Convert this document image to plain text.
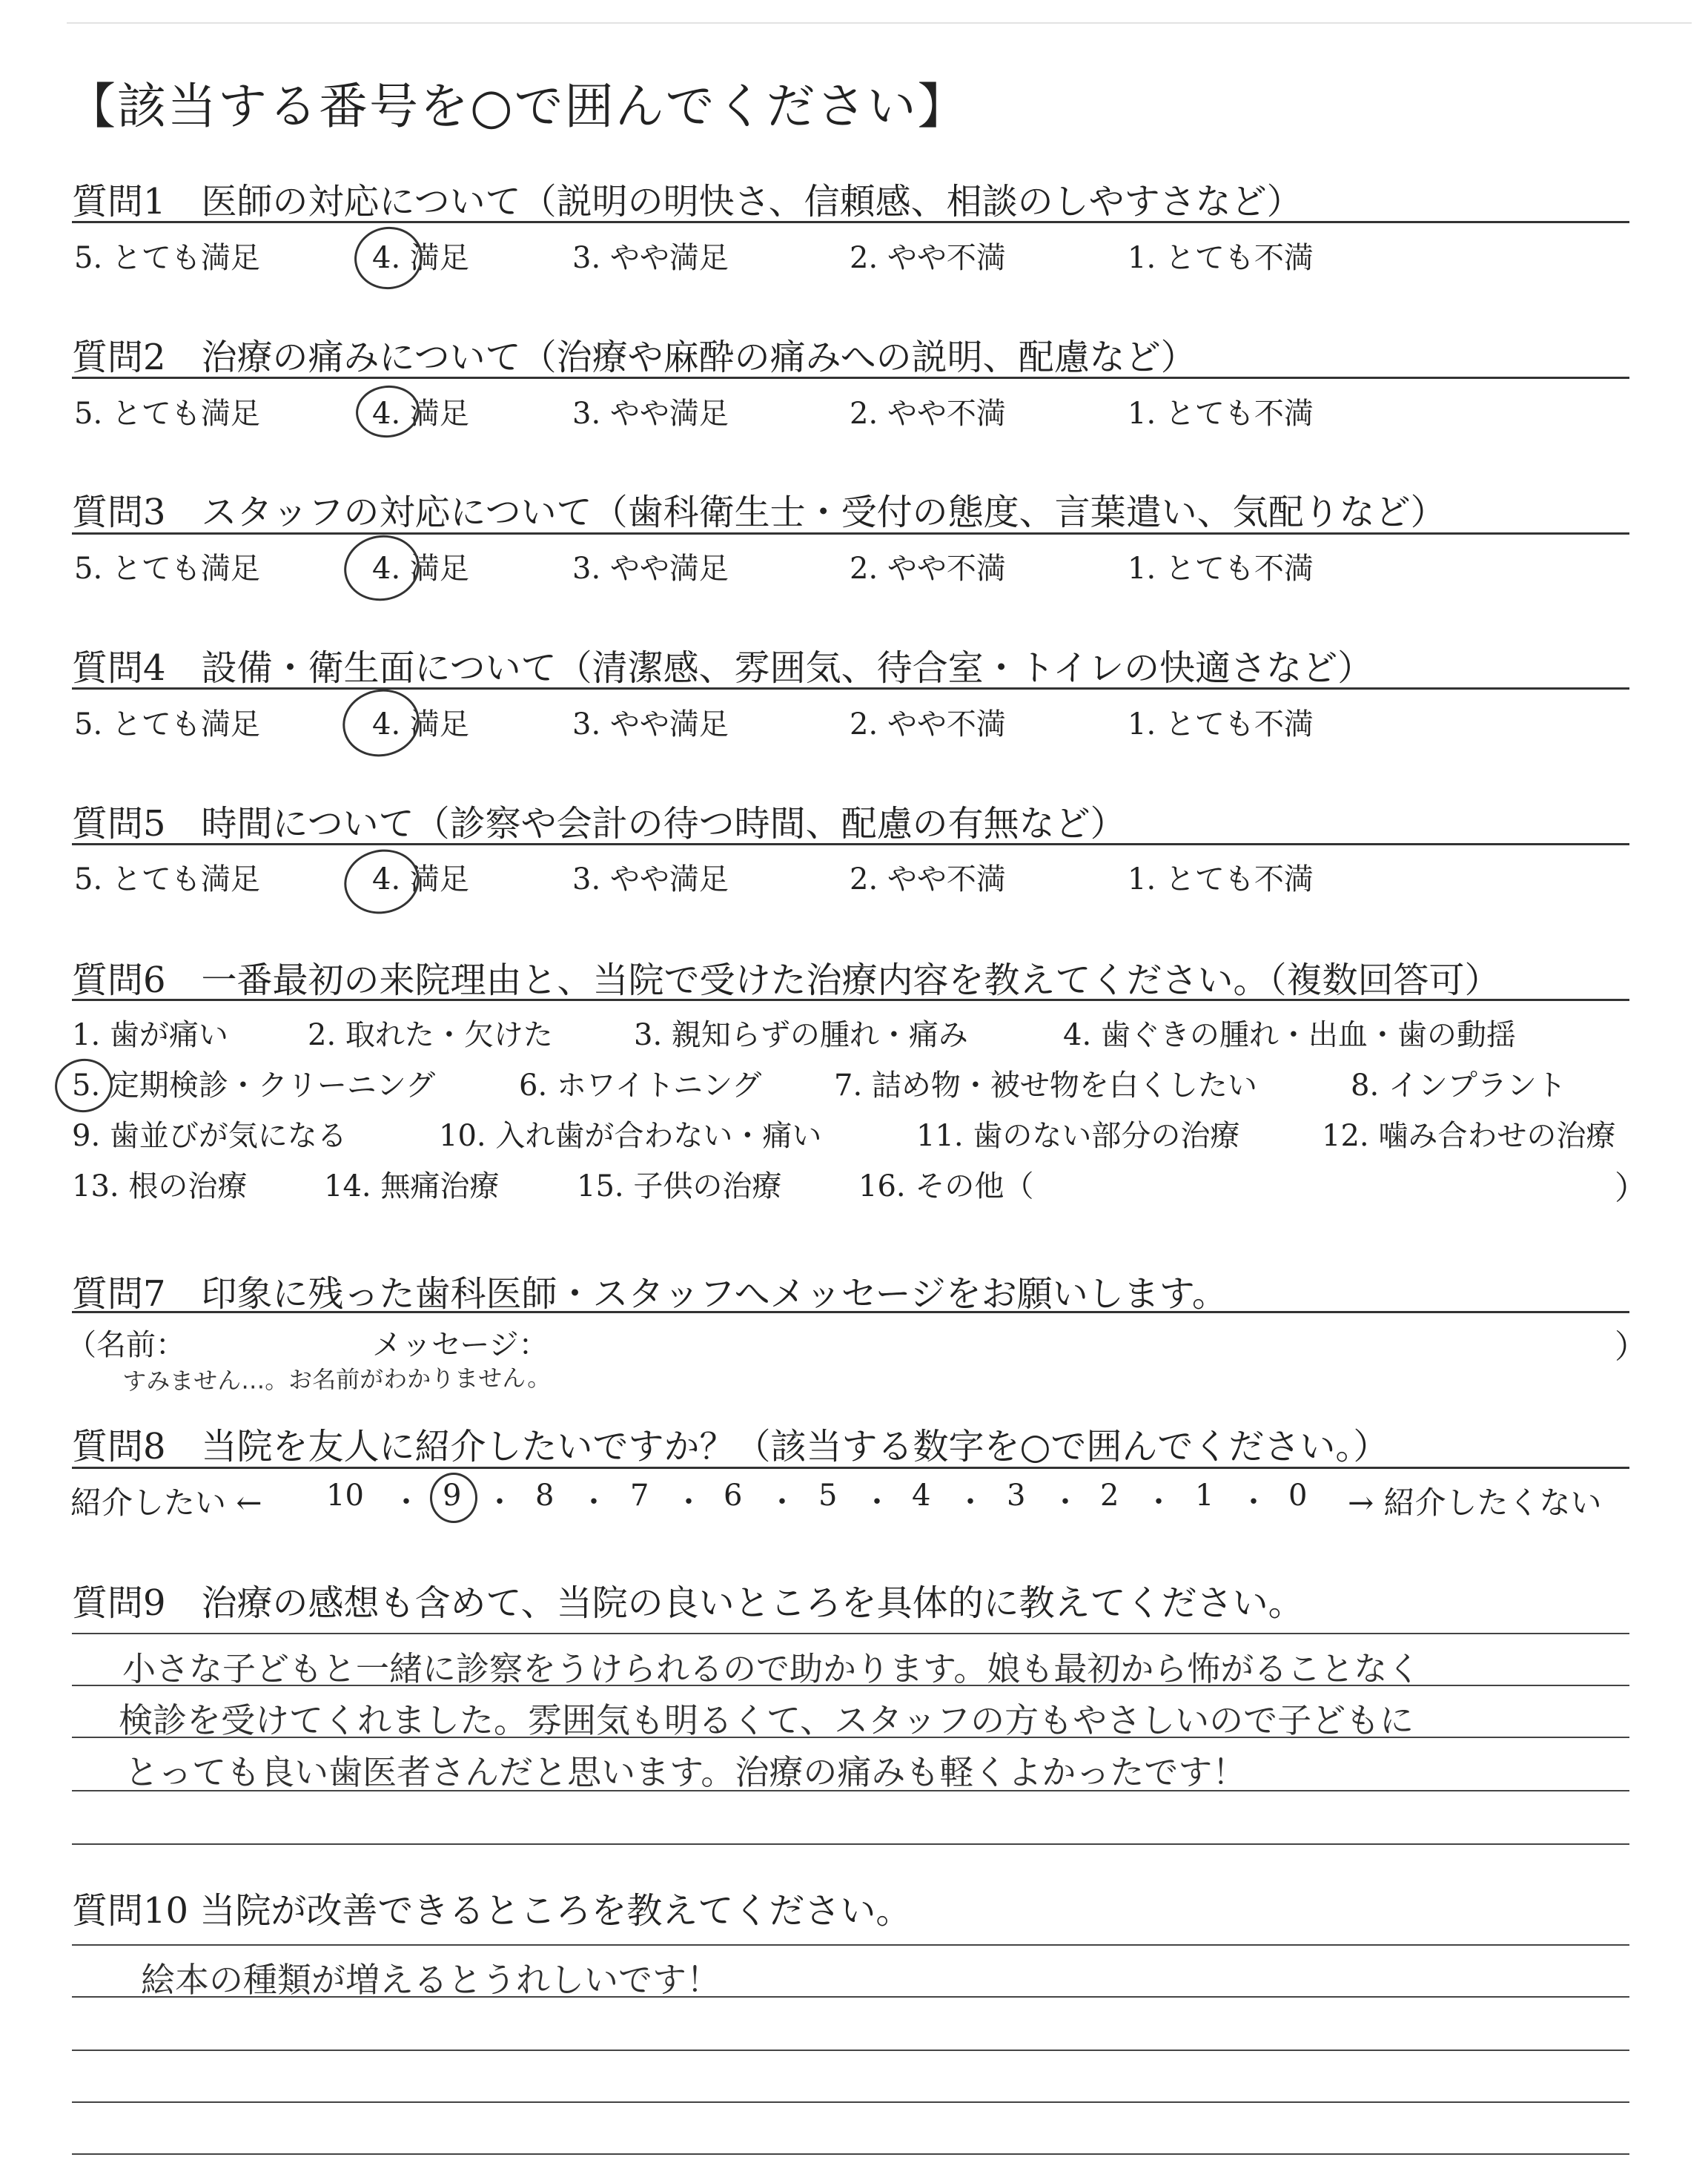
【該当する番号を○で囲んでください】
質問1　医師の対応について（説明の明快さ、信頼感、相談のしやすさなど）
5. とても満足	4. 満足	3. やや満足	2. やや不満	1. とても不満
質問2　治療の痛みについて（治療や麻酔の痛みへの説明、配慮など）
5. とても満足	4. 満足	3. やや満足	2. やや不満	1. とても不満
質問3　スタッフの対応について（歯科衛生士・受付の態度、言葉遣い、気配りなど）
5. とても満足	4. 満足	3. やや満足	2. やや不満	1. とても不満
質問4　設備・衛生面について（清潔感、雰囲気、待合室・トイレの快適さなど）
5. とても満足	4. 満足	3. やや満足	2. やや不満	1. とても不満
質問5　時間について（診察や会計の待つ時間、配慮の有無など）
5. とても満足	4. 満足	3. やや満足	2. やや不満	1. とても不満
質問6　一番最初の来院理由と、当院で受けた治療内容を教えてください。（複数回答可）
1. 歯が痛い	2. 取れた・欠けた	3. 親知らずの腫れ・痛み	4. 歯ぐきの腫れ・出血・歯の動揺
5. 定期検診・クリーニング	6. ホワイトニング 7. 詰め物・被せ物を白くしたい	8. インプラント
9. 歯並びが気になる	10. 入れ歯が合わない・痛い	11. 歯のない部分の治療	12. 噛み合わせの治療
13. 根の治療	14. 無痛治療	15. 子供の治療	16. その他（	）
質問7　印象に残った歯科医師・スタッフへメッセージをお願いします。
（名前：	メッセージ：	）
すみません…。お名前がわかりません。
質問8　当院を友人に紹介したいですか？（該当する数字を○で囲んでください。）
紹介したい ← 10 ・ 9 ・ 8 ・ 7 ・ 6 ・ 5 ・ 4 ・ 3 ・ 2 ・ 1 ・ 0 → 紹介したくない
質問9　治療の感想も含めて、当院の良いところを具体的に教えてください。
小さな子どもと一緒に診察をうけられるので助かります。娘も最初から怖がることなく
検診を受けてくれました。雰囲気も明るくて、スタッフの方もやさしいので子どもに
とっても良い歯医者さんだと思います。治療の痛みも軽くよかったです！
質問10 当院が改善できるところを教えてください。
絵本の種類が増えるとうれしいです！
